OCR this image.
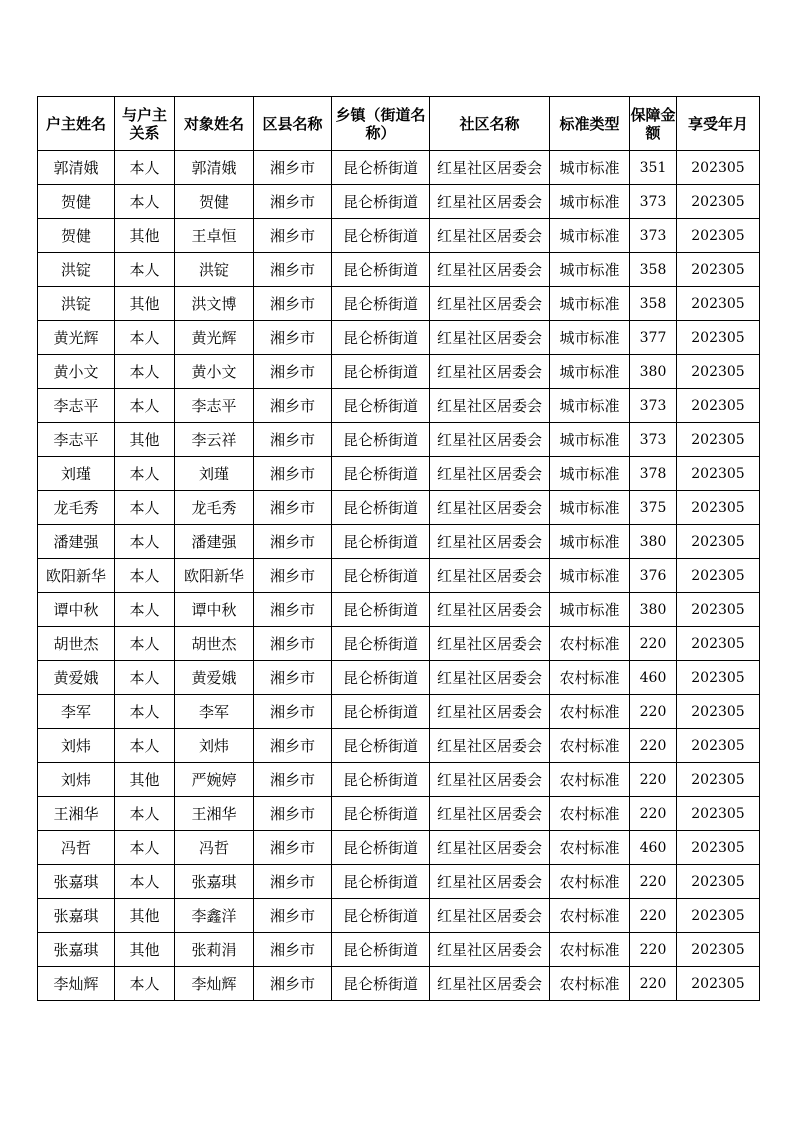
户主姓名	与户主关系	对象姓名	区县名称	乡镇（街道名称）	社区名称	标准类型	保障金额	享受年月
郭清娥	本人	郭清娥	湘乡市	昆仑桥街道	红星社区居委会	城市标准	351	202305
贺健	本人	贺健	湘乡市	昆仑桥街道	红星社区居委会	城市标准	373	202305
贺健	其他	王卓恒	湘乡市	昆仑桥街道	红星社区居委会	城市标准	373	202305
洪锭	本人	洪锭	湘乡市	昆仑桥街道	红星社区居委会	城市标准	358	202305
洪锭	其他	洪文博	湘乡市	昆仑桥街道	红星社区居委会	城市标准	358	202305
黄光辉	本人	黄光辉	湘乡市	昆仑桥街道	红星社区居委会	城市标准	377	202305
黄小文	本人	黄小文	湘乡市	昆仑桥街道	红星社区居委会	城市标准	380	202305
李志平	本人	李志平	湘乡市	昆仑桥街道	红星社区居委会	城市标准	373	202305
李志平	其他	李云祥	湘乡市	昆仑桥街道	红星社区居委会	城市标准	373	202305
刘瑾	本人	刘瑾	湘乡市	昆仑桥街道	红星社区居委会	城市标准	378	202305
龙毛秀	本人	龙毛秀	湘乡市	昆仑桥街道	红星社区居委会	城市标准	375	202305
潘建强	本人	潘建强	湘乡市	昆仑桥街道	红星社区居委会	城市标准	380	202305
欧阳新华	本人	欧阳新华	湘乡市	昆仑桥街道	红星社区居委会	城市标准	376	202305
谭中秋	本人	谭中秋	湘乡市	昆仑桥街道	红星社区居委会	城市标准	380	202305
胡世杰	本人	胡世杰	湘乡市	昆仑桥街道	红星社区居委会	农村标准	220	202305
黄爱娥	本人	黄爱娥	湘乡市	昆仑桥街道	红星社区居委会	农村标准	460	202305
李军	本人	李军	湘乡市	昆仑桥街道	红星社区居委会	农村标准	220	202305
刘炜	本人	刘炜	湘乡市	昆仑桥街道	红星社区居委会	农村标准	220	202305
刘炜	其他	严婉婷	湘乡市	昆仑桥街道	红星社区居委会	农村标准	220	202305
王湘华	本人	王湘华	湘乡市	昆仑桥街道	红星社区居委会	农村标准	220	202305
冯哲	本人	冯哲	湘乡市	昆仑桥街道	红星社区居委会	农村标准	460	202305
张嘉琪	本人	张嘉琪	湘乡市	昆仑桥街道	红星社区居委会	农村标准	220	202305
张嘉琪	其他	李鑫洋	湘乡市	昆仑桥街道	红星社区居委会	农村标准	220	202305
张嘉琪	其他	张莉涓	湘乡市	昆仑桥街道	红星社区居委会	农村标准	220	202305
李灿辉	本人	李灿辉	湘乡市	昆仑桥街道	红星社区居委会	农村标准	220	202305
